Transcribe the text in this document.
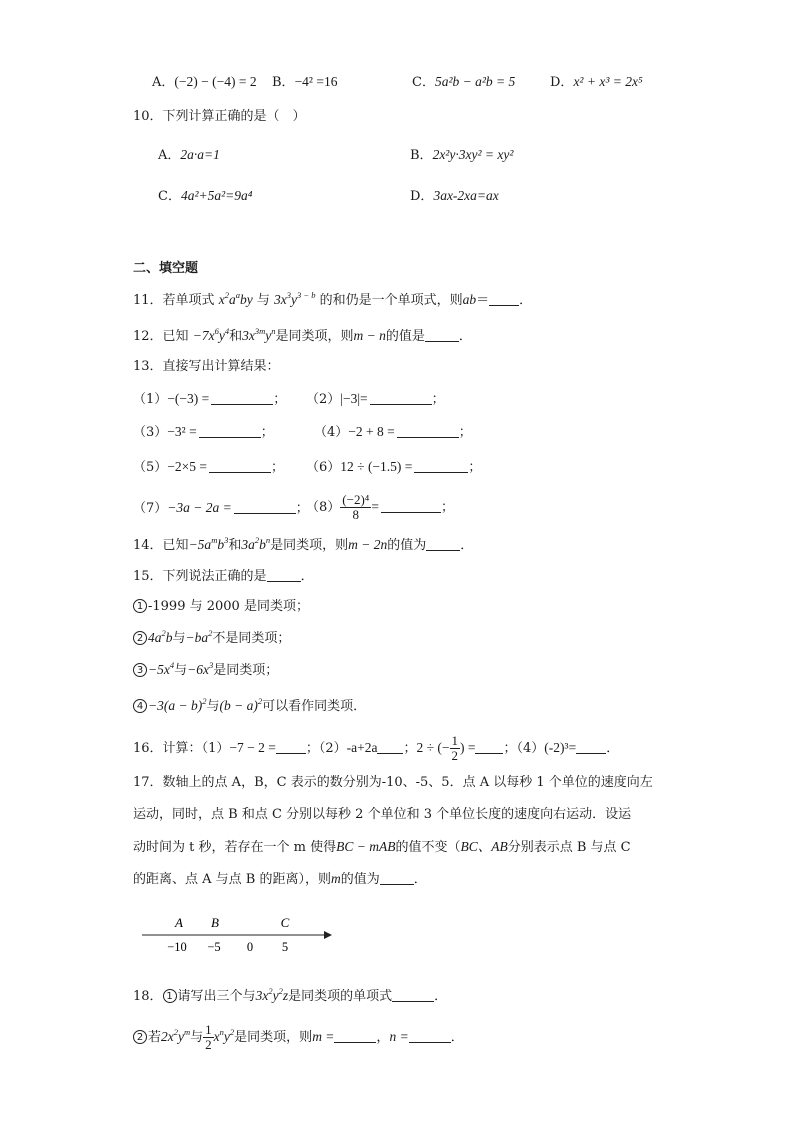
A．(−2) − (−4) = 2 B．−4² =16	C．5a²b − a²b = 5	D．x² + x³ = 2x⁵
10．下列计算正确的是（　）
A．2a·a=1	B．2x²y·3xy² = xy²
C．4a²+5a²=9a⁴	D．3ax-2xa=ax
二、填空题
11．若单项式 $x^2a^aby$ 与 $3x^3y^{3 - b}$ 的和仍是一个单项式，则ab＝ ．
12．已知 $-7x^6y^4$和$3x^{3m}y^n$是同类项，则m − n的值是	．
13．直接写出计算结果：
（1）−(−3) =	； （2）|−3|=	；
（3）−3² =	；	（4）−2 + 8 =	；
（5）−2×5 =	； （6）12 ÷ (−1.5) =	；
（7）−3a − 2a =	；
$(8) \frac{\text{(−2)⁴}}{8}$ =	；
14．已知$-5a^mb^3$和$3a^2b^n$是同类项，则m − 2n的值为	．
15．下列说法正确的是	．
1 -1999 与 2000 是同类项；
2 $4a^2b$与$-ba^2$不是同类项；
$3 -5x^4$与$-6x^3$是同类项；
$4 -3(a - b)^2$与$(b - a)^2$可以看作同类项．
16．计算：（1）−7 − 2 = ；（2）-a+2a ；2 ÷ (− $\frac{1}{2}$ ) = ；（4）(-2)³= ．
17．数轴上的点 A，B，C 表示的数分别为-10、-5、5．点 A 以每秒 1 个单位的速度向左
运动，同时，点 B 和点 C 分别以每秒 2 个单位和 3 个单位长度的速度向右运动．设运
动时间为 t 秒，若存在一个 m 使得BC − mAB的值不变（BC、AB分别表示点 B 与点 C
的距离、点 A 与点 B 的距离），则m的值为	．
A B	C
−10 −5 0 5
18． 1 请写出三个与$3x^2y^2z$是同类项的单项式	．
2 若$2x^2y^m$与 $\frac{1}{2} x^ny^2$是同类项，则m =	，n =	．
